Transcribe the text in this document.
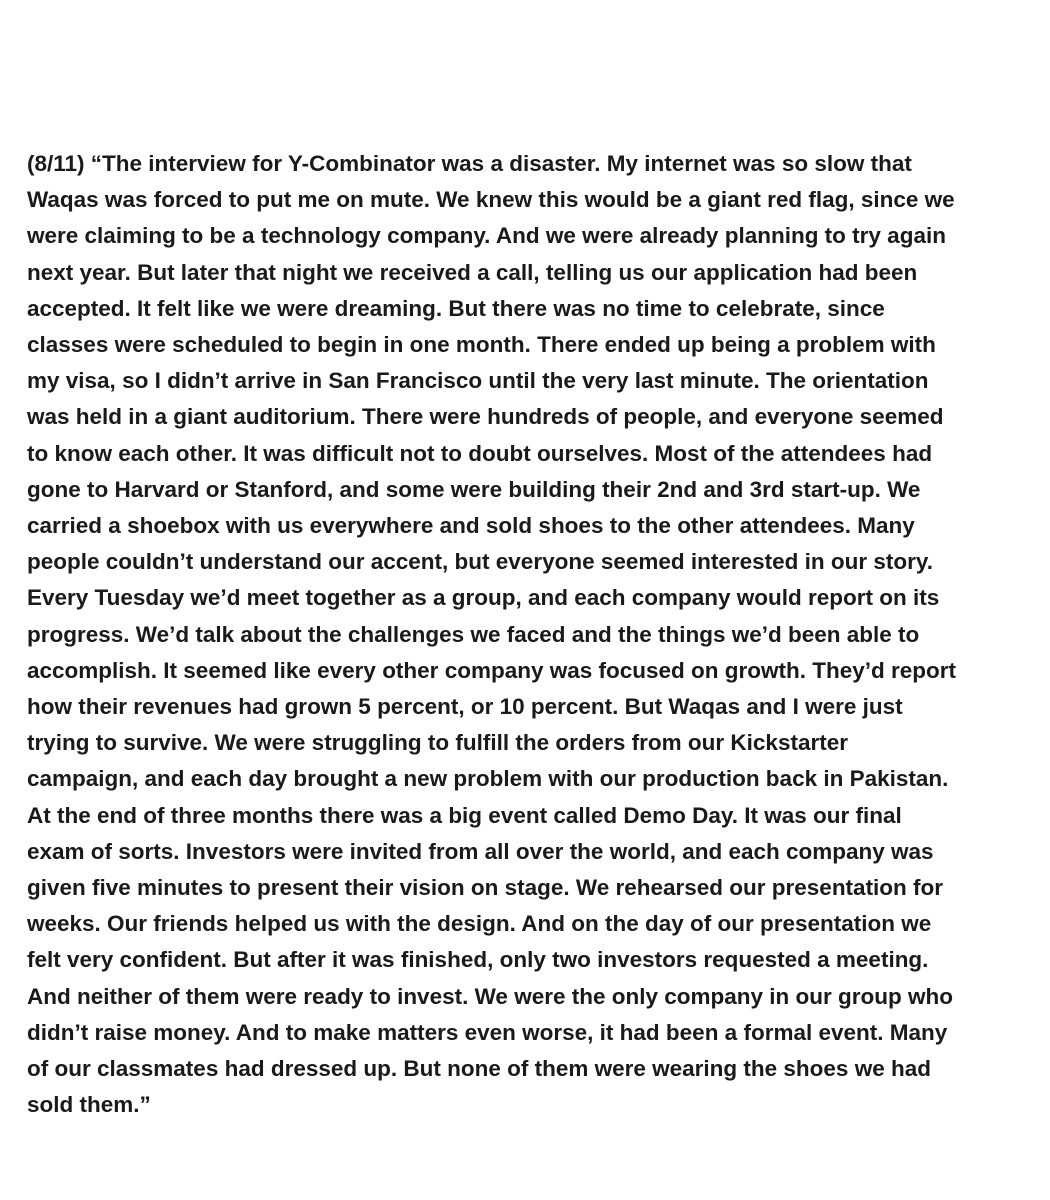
(8/11) “The interview for Y-Combinator was a disaster. My internet was so slow that
Waqas was forced to put me on mute. We knew this would be a giant red flag, since we
were claiming to be a technology company. And we were already planning to try again
next year. But later that night we received a call, telling us our application had been
accepted. It felt like we were dreaming. But there was no time to celebrate, since
classes were scheduled to begin in one month. There ended up being a problem with
my visa, so I didn’t arrive in San Francisco until the very last minute. The orientation
was held in a giant auditorium. There were hundreds of people, and everyone seemed
to know each other. It was difficult not to doubt ourselves. Most of the attendees had
gone to Harvard or Stanford, and some were building their 2nd and 3rd start-up. We
carried a shoebox with us everywhere and sold shoes to the other attendees. Many
people couldn’t understand our accent, but everyone seemed interested in our story.
Every Tuesday we’d meet together as a group, and each company would report on its
progress. We’d talk about the challenges we faced and the things we’d been able to
accomplish. It seemed like every other company was focused on growth. They’d report
how their revenues had grown 5 percent, or 10 percent. But Waqas and I were just
trying to survive. We were struggling to fulfill the orders from our Kickstarter
campaign, and each day brought a new problem with our production back in Pakistan.
At the end of three months there was a big event called Demo Day. It was our final
exam of sorts. Investors were invited from all over the world, and each company was
given five minutes to present their vision on stage. We rehearsed our presentation for
weeks. Our friends helped us with the design. And on the day of our presentation we
felt very confident. But after it was finished, only two investors requested a meeting.
And neither of them were ready to invest. We were the only company in our group who
didn’t raise money. And to make matters even worse, it had been a formal event. Many
of our classmates had dressed up. But none of them were wearing the shoes we had
sold them.”
